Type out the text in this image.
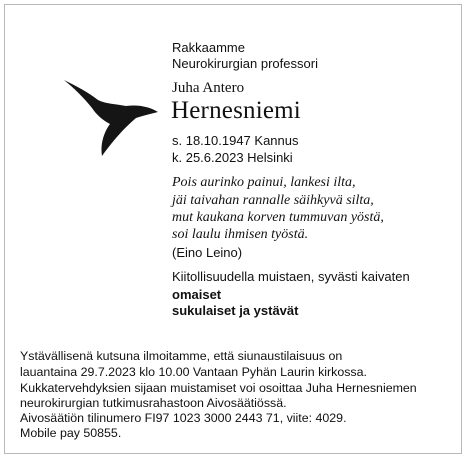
Rakkaamme
Neurokirurgian professori
Juha Antero
Hernesniemi
s. 18.10.1947 Kannus
k. 25.6.2023 Helsinki
Pois aurinko painui, lankesi ilta,
jäi taivahan rannalle säihkyvä silta,
mut kaukana korven tummuvan yöstä,
soi laulu ihmisen työstä.
(Eino Leino)
Kiitollisuudella muistaen, syvästi kaivaten
omaiset
sukulaiset ja ystävät
Ystävällisenä kutsuna ilmoitamme, että siunaustilaisuus on
lauantaina 29.7.2023 klo 10.00 Vantaan Pyhän Laurin kirkossa.
Kukkatervehdyksien sijaan muistamiset voi osoittaa Juha Hernesniemen
neurokirurgian tutkimusrahastoon Aivosäätiössä.
Aivosäätiön tilinumero FI97 1023 3000 2443 71, viite: 4029.
Mobile pay 50855.
